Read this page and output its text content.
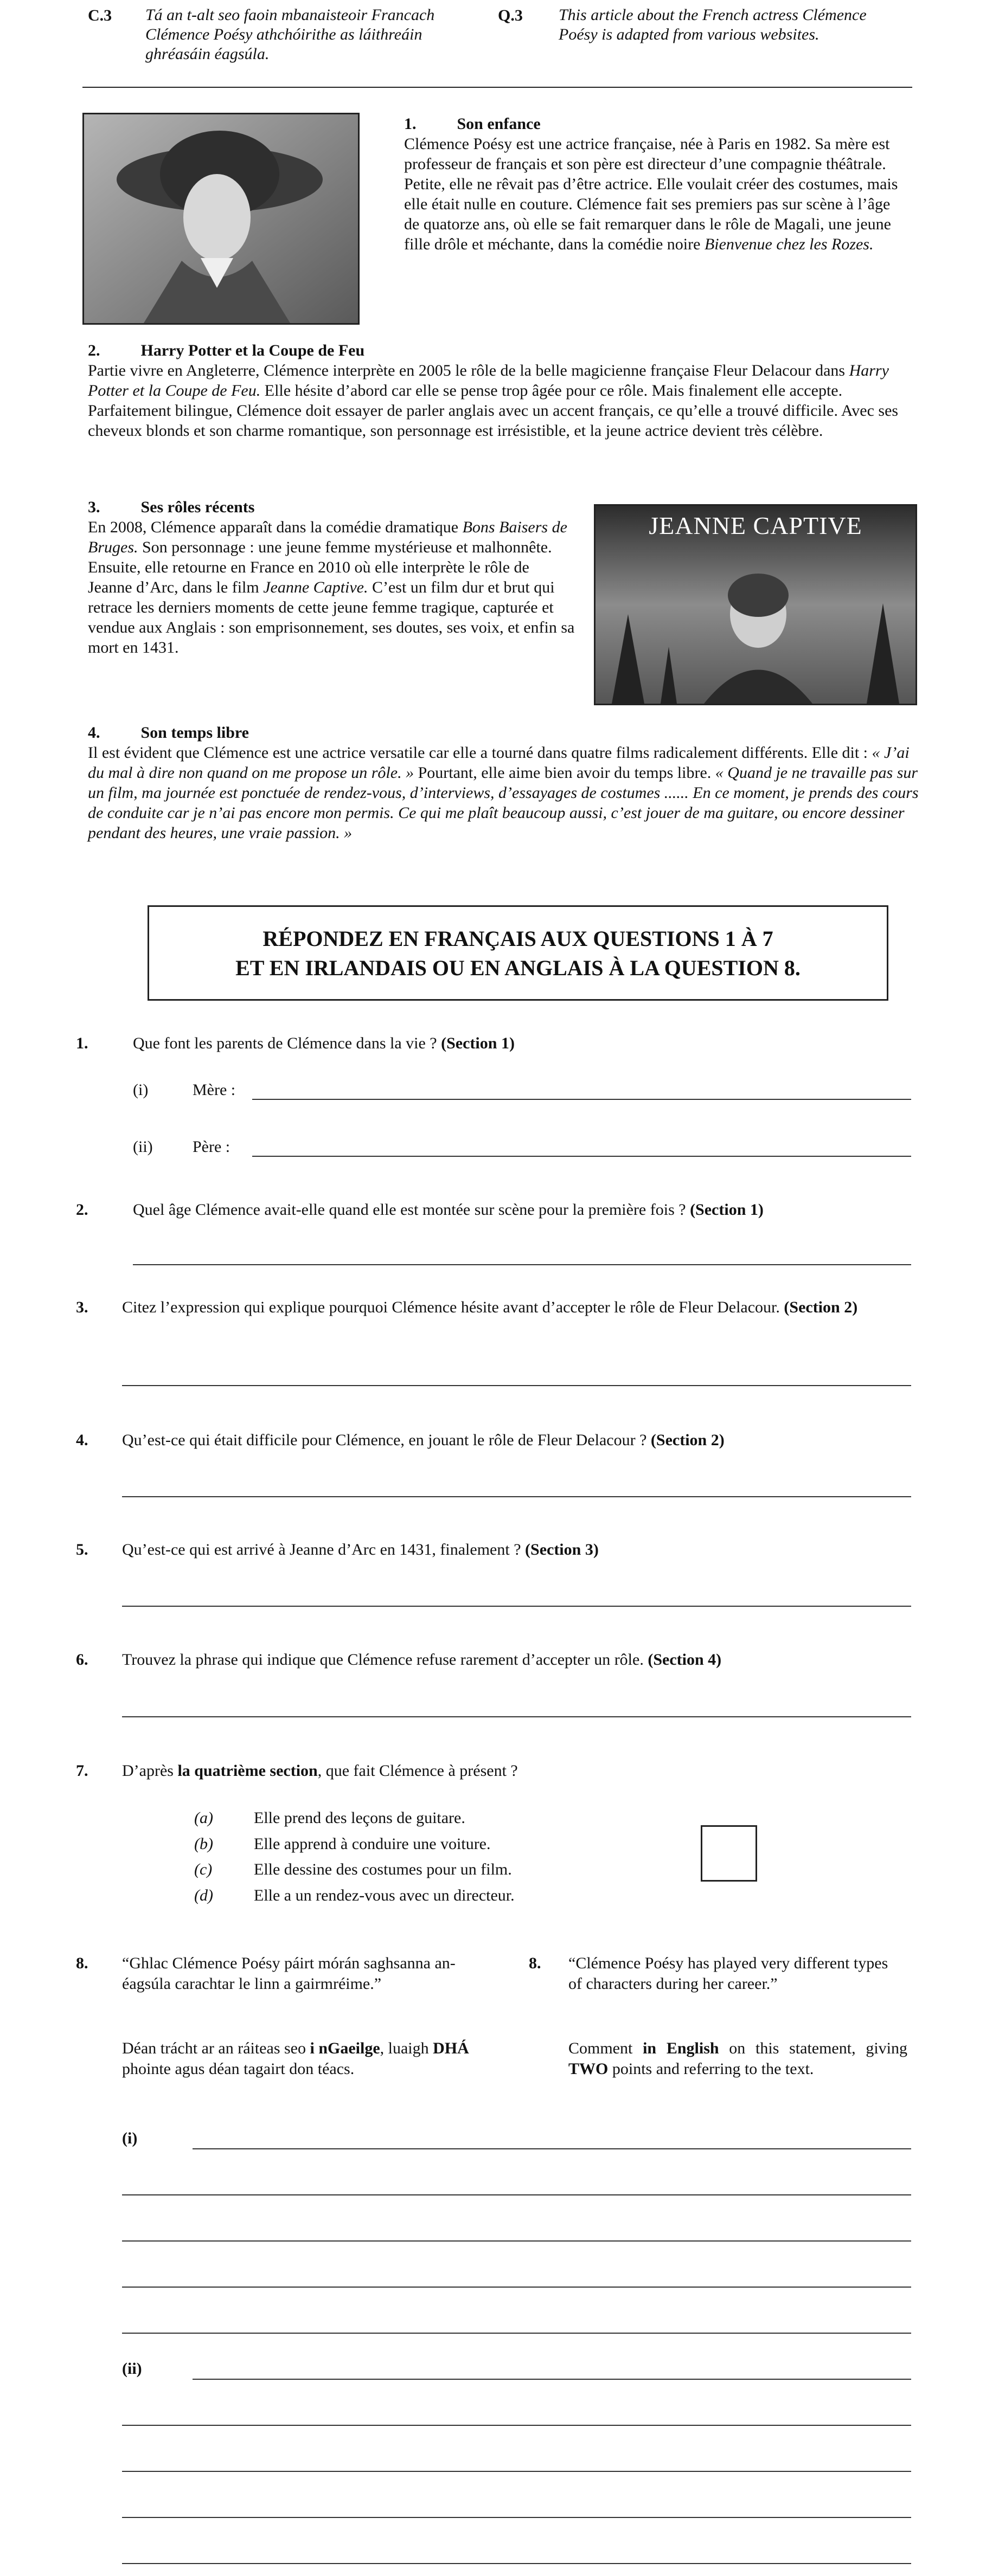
C.3 Tá an t-alt seo faoin mbanaisteoir Francach Clémence Poésy athchóirithe as láithreáin ghréasáin éagsúla.
Q.3 This article about the French actress Clémence Poésy is adapted from various websites.
1.          Son enfance
Clémence Poésy est une actrice française, née à Paris en 1982. Sa mère est professeur de français et son père est directeur d’une compagnie théâtrale. Petite, elle ne rêvait pas d’être actrice. Elle voulait créer des costumes, mais elle était nulle en couture. Clémence fait ses premiers pas sur scène à l’âge de quatorze ans, où elle se fait remarquer dans le rôle de Magali, une jeune fille drôle et méchante, dans la comédie noire Bienvenue chez les Rozes.
2.          Harry Potter et la Coupe de Feu
Partie vivre en Angleterre, Clémence interprète en 2005 le rôle de la belle magicienne française Fleur Delacour dans Harry Potter et la Coupe de Feu. Elle hésite d’abord car elle se pense trop âgée pour ce rôle. Mais finalement elle accepte. Parfaitement bilingue, Clémence doit essayer de parler anglais avec un accent français, ce qu’elle a trouvé difficile. Avec ses cheveux blonds et son charme romantique, son personnage est irrésistible, et la jeune actrice devient très célèbre.
3.          Ses rôles récents
En 2008, Clémence apparaît dans la comédie dramatique Bons Baisers de Bruges. Son personnage : une jeune femme mystérieuse et malhonnête. Ensuite, elle retourne en France en 2010 où elle interprète le rôle de Jeanne d’Arc, dans le film Jeanne Captive. C’est un film dur et brut qui retrace les derniers moments de cette jeune femme tragique, capturée et vendue aux Anglais : son emprisonnement, ses doutes, ses voix, et enfin sa mort en 1431.
JEANNE CAPTIVE
4.          Son temps libre
Il est évident que Clémence est une actrice versatile car elle a tourné dans quatre films radicalement différents. Elle dit : « J’ai du mal à dire non quand on me propose un rôle. » Pourtant, elle aime bien avoir du temps libre. « Quand je ne travaille pas sur un film, ma journée est ponctuée de rendez-vous, d’interviews, d’essayages de costumes ...... En ce moment, je prends des cours de conduite car je n’ai pas encore mon permis. Ce qui me plaît beaucoup aussi, c’est jouer de ma guitare, ou encore dessiner pendant des heures, une vraie passion. »
RÉPONDEZ EN FRANÇAIS AUX QUESTIONS 1 À 7
ET EN IRLANDAIS OU EN ANGLAIS À LA QUESTION 8.
1.	Que font les parents de Clémence dans la vie ? (Section 1)
(i)	Mère :
(ii) Père :
2.	Quel âge Clémence avait-elle quand elle est montée sur scène pour la première fois ? (Section 1)
3. Citez l’expression qui explique pourquoi Clémence hésite avant d’accepter le rôle de Fleur Delacour. (Section 2)
4. Qu’est-ce qui était difficile pour Clémence, en jouant le rôle de Fleur Delacour ? (Section 2)
5. Qu’est-ce qui est arrivé à Jeanne d’Arc en 1431, finalement ? (Section 3)
6. Trouvez la phrase qui indique que Clémence refuse rarement d’accepter un rôle. (Section 4)
7. D’après la quatrième section, que fait Clémence à présent ?
(a)	Elle prend des leçons de guitare.
(b)	Elle apprend à conduire une voiture.
(c)	Elle dessine des costumes pour un film.
(d)	Elle a un rendez-vous avec un directeur.
8. “Ghlac Clémence Poésy páirt mórán saghsanna an-éagsúla carachtar le linn a gairmréime.”
Déan trácht ar an ráiteas seo i nGaeilge, luaigh DHÁ phointe agus déan tagairt don téacs.
8. “Clémence Poésy has played very different types of characters during her career.”
Comment in English on this statement, giving TWO points and referring to the text.
(i)
(ii)
